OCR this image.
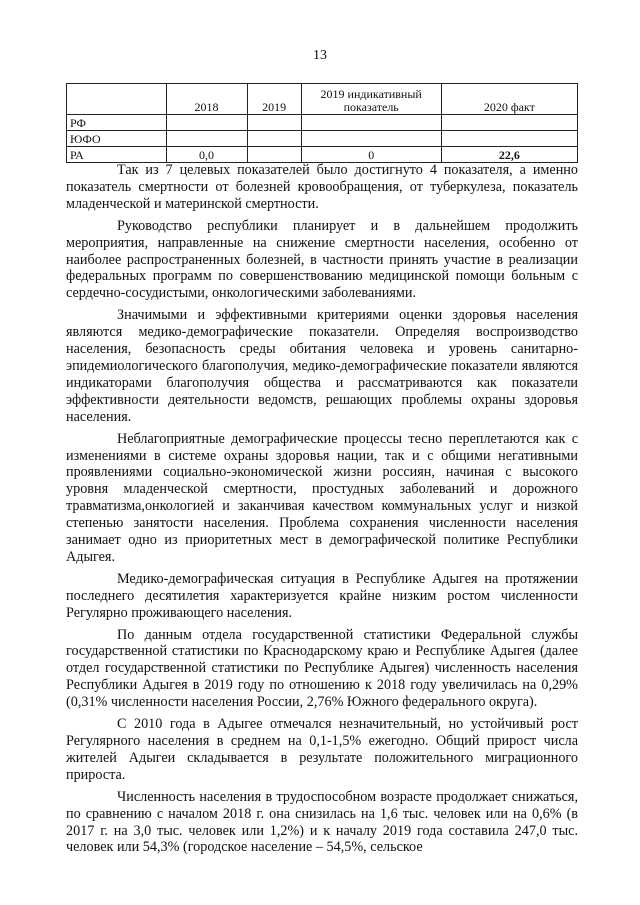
13
	2018	2019	2019 индикативный показатель	2020 факт
РФ				
ЮФО				
РА	0,0		0	22,6

Так из 7 целевых показателей было достигнуто 4 показателя, а именно показатель смертности от болезней кровообращения, от туберкулеза, показатель младенческой и материнской смертности.

Руководство республики планирует и в дальнейшем продолжить мероприятия, направленные на снижение смертности населения, особенно от наиболее распространенных болезней, в частности принять участие в реализации федеральных программ по совершенствованию медицинской помощи больным с сердечно-сосудистыми, онкологическими заболеваниями.

Значимыми и эффективными критериями оценки здоровья населения являются медико-демографические показатели. Определяя воспроизводство населения, безопасность среды обитания человека и уровень санитарно-эпидемиологического благополучия, медико-демографические показатели являются индикаторами благополучия общества и рассматриваются как показатели эффективности деятельности ведомств, решающих проблемы охраны здоровья населения.

Неблагоприятные демографические процессы тесно переплетаются как с изменениями в системе охраны здоровья нации, так и с общими негативными проявлениями социально-экономической жизни россиян, начиная с высокого уровня младенческой смертности, простудных заболеваний и дорожного травматизма,онкологией и заканчивая качеством коммунальных услуг и низкой степенью занятости населения. Проблема сохранения численности населения занимает одно из приоритетных мест в демографической политике Республики Адыгея.

Медико-демографическая ситуация в Республике Адыгея на протяжении последнего десятилетия характеризуется крайне низким ростом численности Регулярно проживающего населения.

По данным отдела государственной статистики Федеральной службы государственной статистики по Краснодарскому краю и Республике Адыгея (далее отдел государственной статистики по Республике Адыгея) численность населения Республики Адыгея в 2019 году по отношению к 2018 году увеличилась на 0,29% (0,31% численности населения России, 2,76% Южного федерального округа).

С 2010 года в Адыгее отмечался незначительный, но устойчивый рост Регулярного населения в среднем на 0,1-1,5% ежегодно. Общий прирост числа жителей Адыгеи складывается в результате положительного миграционного прироста.

Численность населения в трудоспособном возрасте продолжает снижаться, по сравнению с началом 2018 г. она снизилась на 1,6 тыс. человек или на 0,6% (в 2017 г. на 3,0 тыс. человек или 1,2%) и к началу 2019 года составила 247,0 тыс. человек или 54,3% (городское население – 54,5%, сельское
